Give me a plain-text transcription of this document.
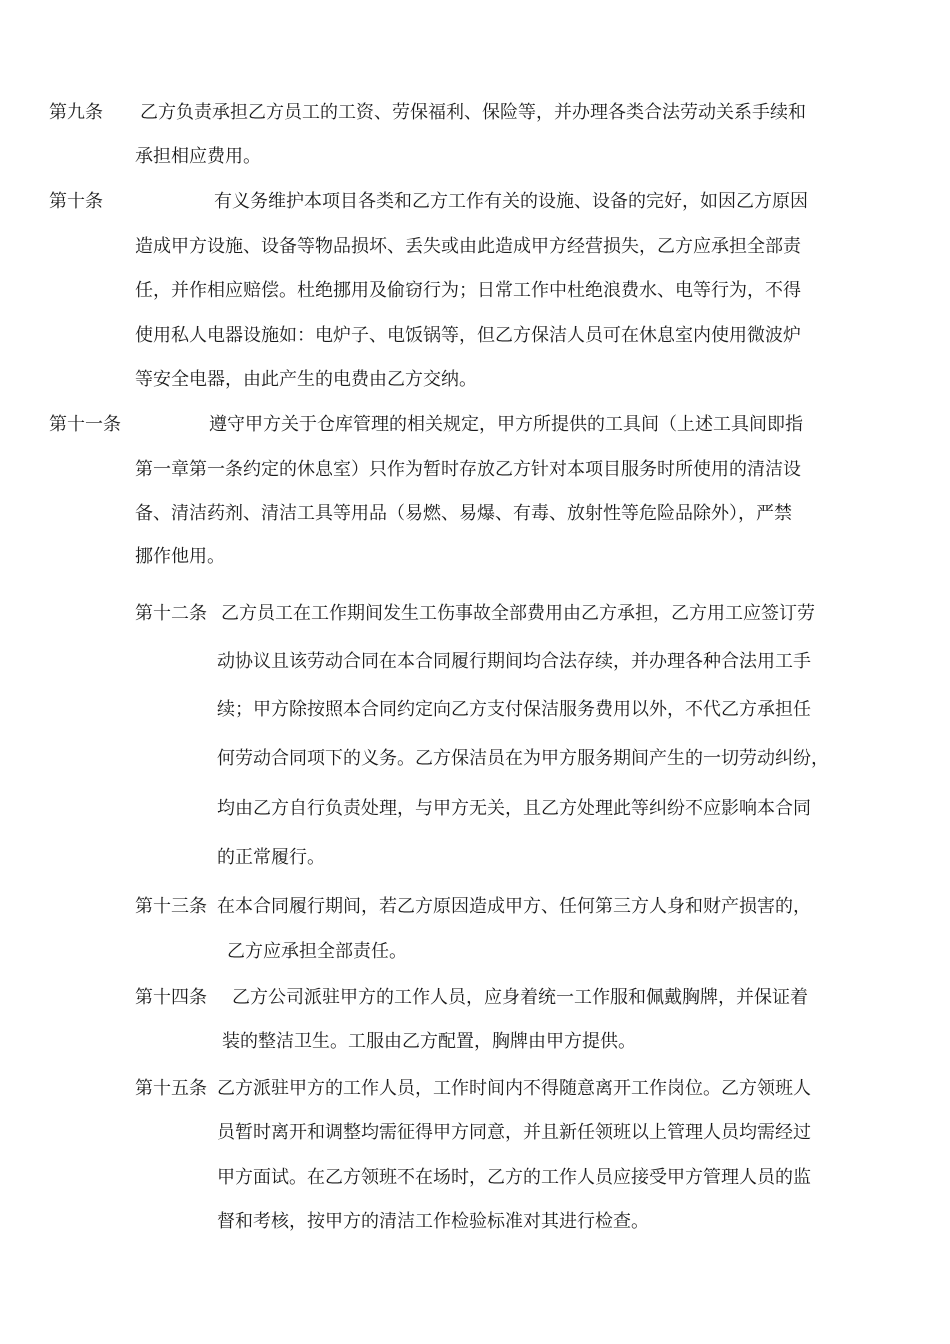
第九条 乙方负责承担乙方员工的工资、劳保福利、保险等，并办理各类合法劳动关系手续和
承担相应费用。
第十条	有义务维护本项目各类和乙方工作有关的设施、设备的完好，如因乙方原因
造成甲方设施、设备等物品损坏、丢失或由此造成甲方经营损失，乙方应承担全部责
任，并作相应赔偿。杜绝挪用及偷窃行为；日常工作中杜绝浪费水、电等行为，不得
使用私人电器设施如：电炉子、电饭锅等，但乙方保洁人员可在休息室内使用微波炉
等安全电器，由此产生的电费由乙方交纳。
第十一条	遵守甲方关于仓库管理的相关规定，甲方所提供的工具间（上述工具间即指
第一章第一条约定的休息室）只作为暂时存放乙方针对本项目服务时所使用的清洁设
备、清洁药剂、清洁工具等用品（易燃、易爆、有毒、放射性等危险品除外），严禁
挪作他用。
第十二条 乙方员工在工作期间发生工伤事故全部费用由乙方承担，乙方用工应签订劳
动协议且该劳动合同在本合同履行期间均合法存续，并办理各种合法用工手
续；甲方除按照本合同约定向乙方支付保洁服务费用以外，不代乙方承担任
何劳动合同项下的义务。乙方保洁员在为甲方服务期间产生的一切劳动纠纷，
均由乙方自行负责处理，与甲方无关，且乙方处理此等纠纷不应影响本合同
的正常履行。
第十三条 在本合同履行期间，若乙方原因造成甲方、任何第三方人身和财产损害的，
乙方应承担全部责任。
第十四条 乙方公司派驻甲方的工作人员，应身着统一工作服和佩戴胸牌，并保证着
装的整洁卫生。工服由乙方配置，胸牌由甲方提供。
第十五条 乙方派驻甲方的工作人员，工作时间内不得随意离开工作岗位。乙方领班人
员暂时离开和调整均需征得甲方同意，并且新任领班以上管理人员均需经过
甲方面试。在乙方领班不在场时，乙方的工作人员应接受甲方管理人员的监
督和考核，按甲方的清洁工作检验标准对其进行检查。
